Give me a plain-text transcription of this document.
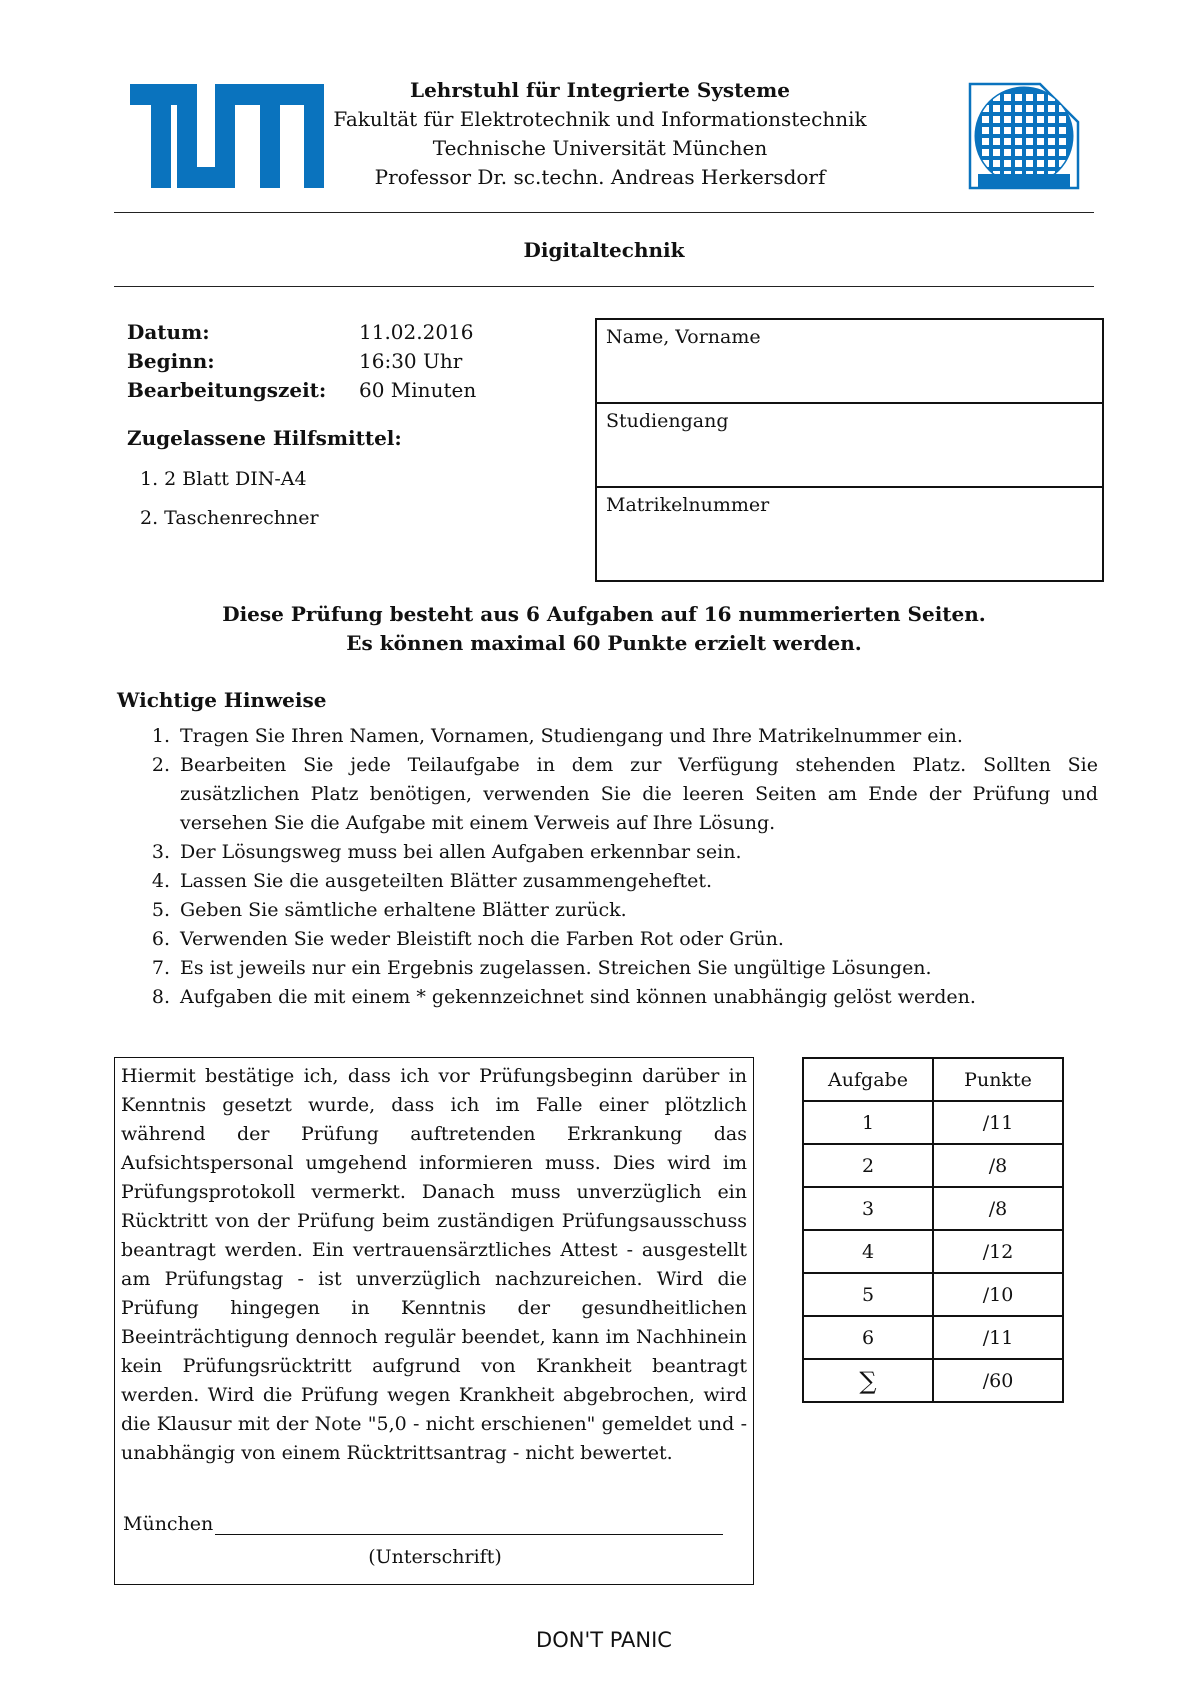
Lehrstuhl für Integrierte Systeme
Fakultät für Elektrotechnik und Informationstechnik
Technische Universität München
Professor Dr. sc.techn. Andreas Herkersdorf
Digitaltechnik
Datum:	11.02.2016
Beginn:	16:30 Uhr
Bearbeitungszeit:	60 Minuten
Zugelassene Hilfsmittel:
1. 2 Blatt DIN-A4
2. Taschenrechner
Name, Vorname
Studiengang
Matrikelnummer
Diese Prüfung besteht aus 6 Aufgaben auf 16 nummerierten Seiten.
Es können maximal 60 Punkte erzielt werden.
Wichtige Hinweise
1. Tragen Sie Ihren Namen, Vornamen, Studiengang und Ihre Matrikelnummer ein.
2. Bearbeiten Sie jede Teilaufgabe in dem zur Verfügung stehenden Platz. Sollten Sie zusätzlichen Platz benötigen, verwenden Sie die leeren Seiten am Ende der Prüfung und versehen Sie die Aufgabe mit einem Verweis auf Ihre Lösung.
3. Der Lösungsweg muss bei allen Aufgaben erkennbar sein.
4. Lassen Sie die ausgeteilten Blätter zusammengeheftet.
5. Geben Sie sämtliche erhaltene Blätter zurück.
6. Verwenden Sie weder Bleistift noch die Farben Rot oder Grün.
7. Es ist jeweils nur ein Ergebnis zugelassen. Streichen Sie ungültige Lösungen.
8. Aufgaben die mit einem * gekennzeichnet sind können unabhängig gelöst werden.
Hiermit bestätige ich, dass ich vor Prüfungsbeginn darüber in Kenntnis gesetzt wurde, dass ich im Falle einer plötzlich während der Prüfung auftretenden Erkrankung das Aufsichtspersonal umgehend informieren muss. Dies wird im Prüfungsprotokoll vermerkt. Danach muss unverzüglich ein Rücktritt von der Prüfung beim zuständigen Prüfungsausschuss beantragt werden. Ein vertrauensärztliches Attest - ausgestellt am Prüfungstag - ist unverzüglich nachzureichen. Wird die Prüfung hingegen in Kenntnis der gesundheitlichen Beeinträchtigung dennoch regulär beendet, kann im Nachhinein kein Prüfungsrücktritt aufgrund von Krankheit beantragt werden. Wird die Prüfung wegen Krankheit abgebrochen, wird die Klausur mit der Note "5,0 - nicht erschienen" gemeldet und - unabhängig von einem Rücktrittsantrag - nicht bewertet.
München
(Unterschrift)
Aufgabe	Punkte
1	/11
2	/8
3	/8
4	/12
5	/10
6	/11
∑	/60
DON'T PANIC
